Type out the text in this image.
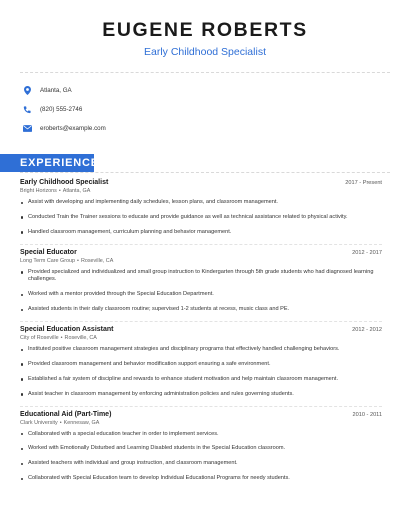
EUGENE ROBERTS
Early Childhood Specialist
Atlanta, GA
(820) 555-2746
eroberts@example.com
EXPERIENCE
Early Childhood Specialist	2017 - Present
Bright Horizons • Atlanta, GA
Assist with developing and implementing daily schedules, lesson plans, and classroom management.
Conducted Train the Trainer sessions to educate and provide guidance as well as technical assistance related to physical activity.
Handled classroom management, curriculum planning and behavior management.
Special Educator	2012 - 2017
Long Term Care Group • Roseville, CA
Provided specialized and individualized and small group instruction to Kindergarten through 5th grade students who had diagnosed learning challenges.
Worked with a mentor provided through the Special Education Department.
Assisted students in their daily classroom routine; supervised 1-2 students at recess, music class and PE.
Special Education Assistant	2012 - 2012
City of Roseville • Roseville, CA
Instituted positive classroom management strategies and disciplinary programs that effectively handled challenging behaviors.
Provided classroom management and behavior modification support ensuring a safe environment.
Established a fair system of discipline and rewards to enhance student motivation and help maintain classroom management.
Assist teacher in classroom management by enforcing administration policies and rules governing students.
Educational Aid (Part-Time)	2010 - 2011
Clark University • Kennesaw, GA
Collaborated with a special education teacher in order to implement services.
Worked with Emotionally Disturbed and Learning Disabled students in the Special Education classroom.
Assisted teachers with individual and group instruction, and classroom management.
Collaborated with Special Education team to develop Individual Educational Programs for needy students.
